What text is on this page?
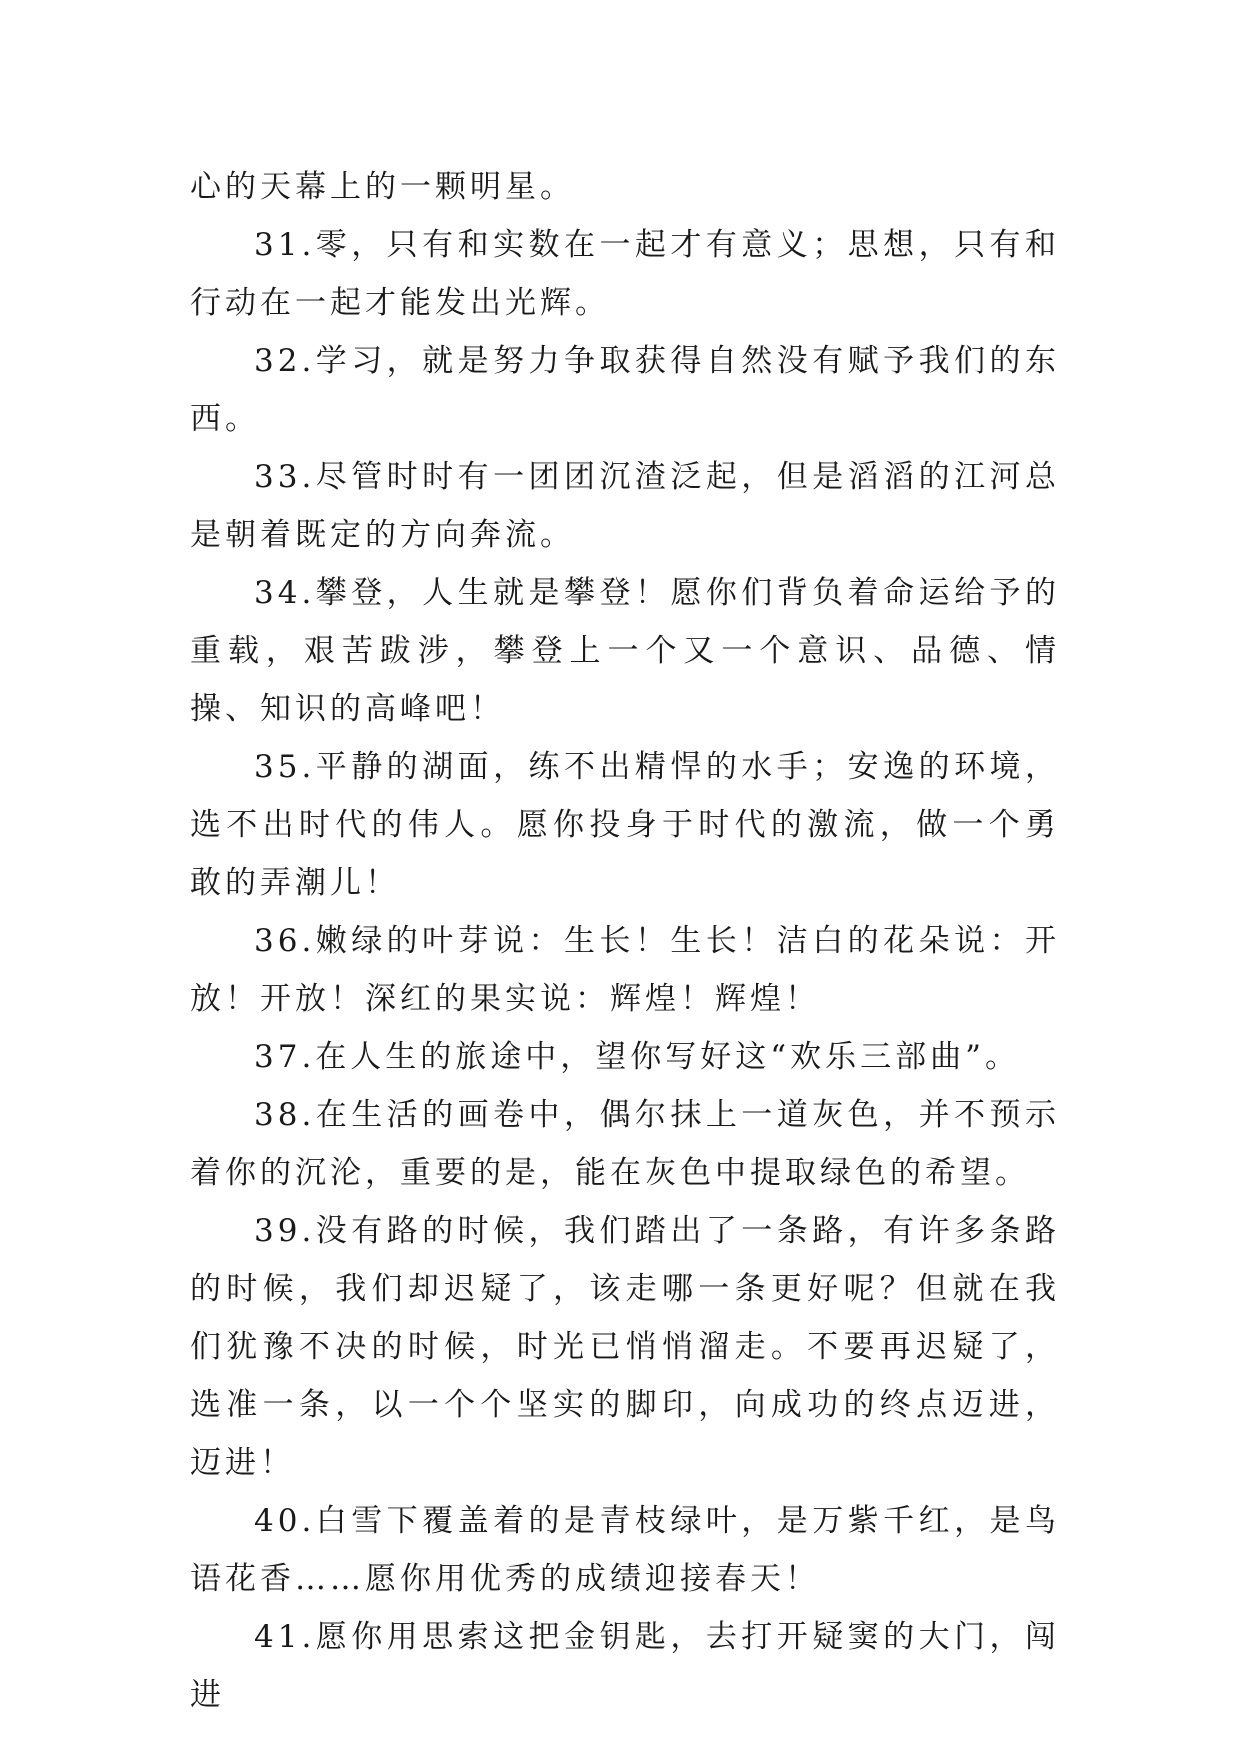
心的天幕上的一颗明星。

31.零，只有和实数在一起才有意义；思想，只有和行动在一起才能发出光辉。

32.学习，就是努力争取获得自然没有赋予我们的东西。

33.尽管时时有一团团沉渣泛起，但是滔滔的江河总是朝着既定的方向奔流。

34.攀登，人生就是攀登！愿你们背负着命运给予的重载，艰苦跋涉，攀登上一个又一个意识、品德、情操、知识的高峰吧！

35.平静的湖面，练不出精悍的水手；安逸的环境，选不出时代的伟人。愿你投身于时代的激流，做一个勇敢的弄潮儿！

36.嫩绿的叶芽说：生长！生长！洁白的花朵说：开放！开放！深红的果实说：辉煌！辉煌！

37.在人生的旅途中，望你写好这“欢乐三部曲”。

38.在生活的画卷中，偶尔抹上一道灰色，并不预示着你的沉沦，重要的是，能在灰色中提取绿色的希望。

39.没有路的时候，我们踏出了一条路，有许多条路的时候，我们却迟疑了，该走哪一条更好呢？但就在我们犹豫不决的时候，时光已悄悄溜走。不要再迟疑了，选准一条，以一个个坚实的脚印，向成功的终点迈进，迈进！

40.白雪下覆盖着的是青枝绿叶，是万紫千红，是鸟语花香……愿你用优秀的成绩迎接春天！

41.愿你用思索这把金钥匙，去打开疑窦的大门，闯进
